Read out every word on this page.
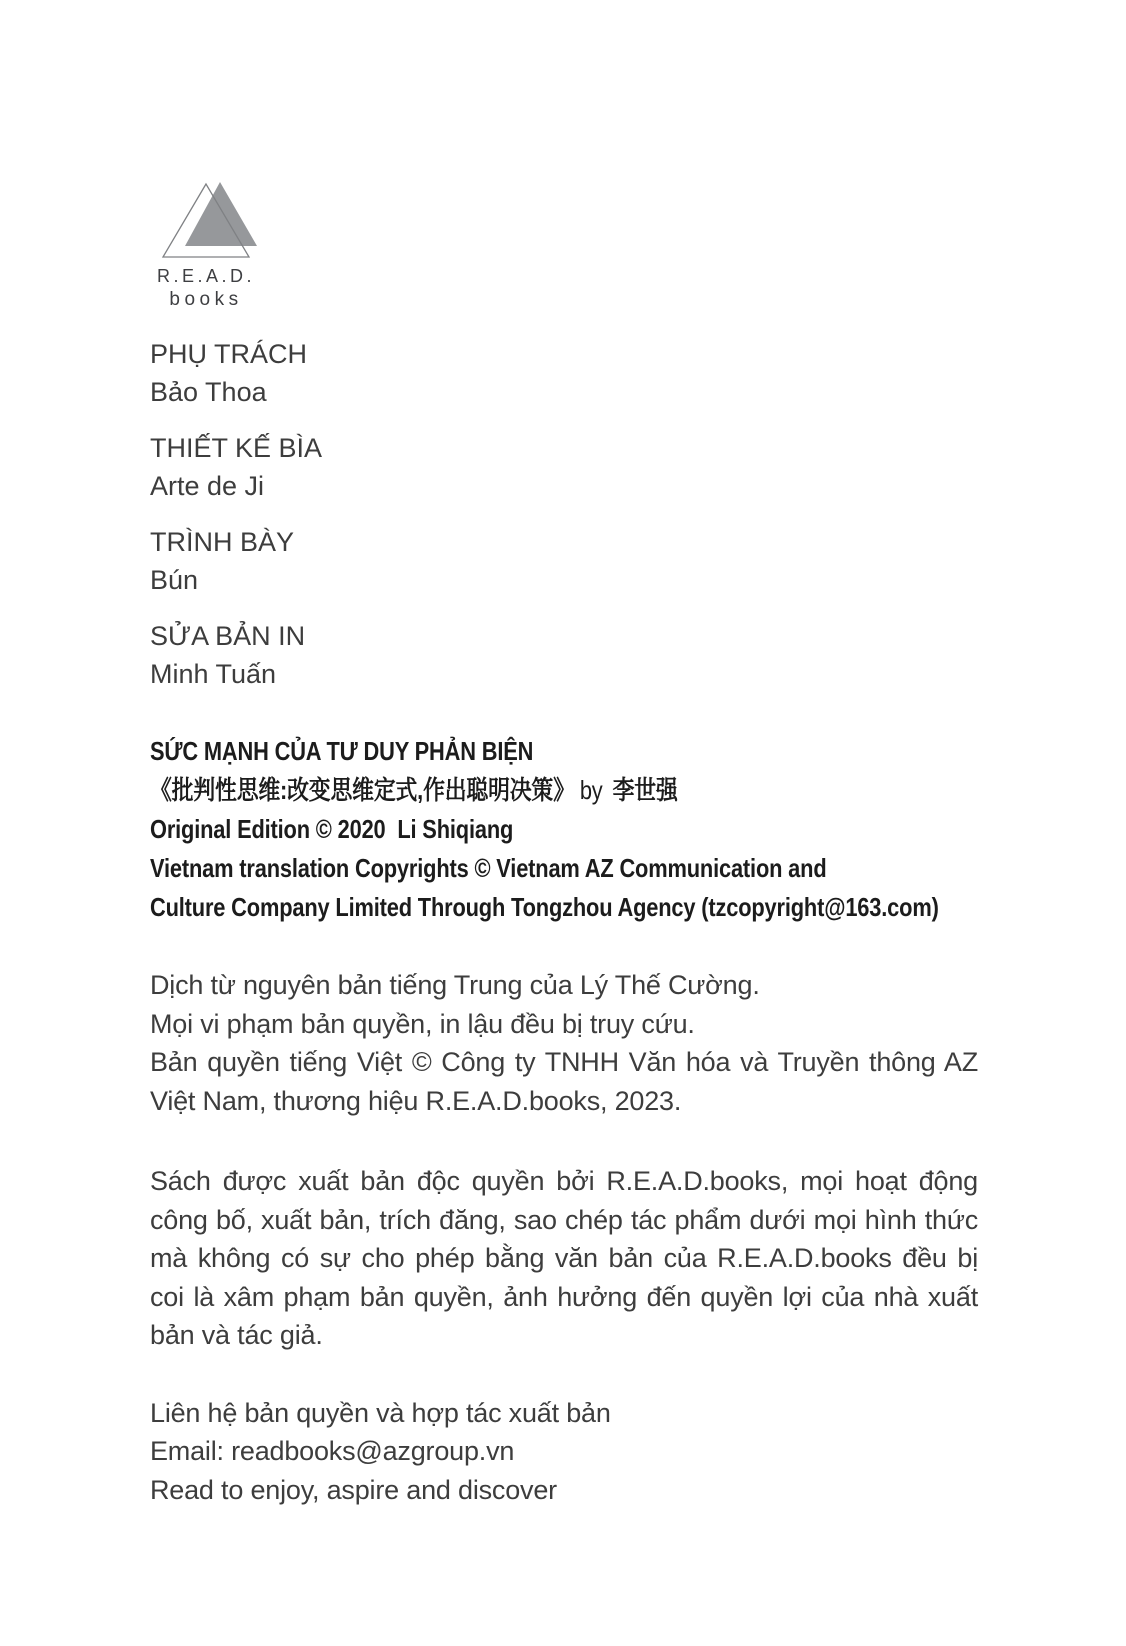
R.E.A.D.
books
PHỤ TRÁCH
Bảo Thoa
THIẾT KẾ BÌA
Arte de Ji
TRÌNH BÀY
Bún
SỬA BẢN IN
Minh Tuấn
SỨC MẠNH CỦA TƯ DUY PHẢN BIỆN
《批判性思维:改变思维定式,作出聪明决策》 by 李世强
Original Edition © 2020  Li Shiqiang
Vietnam translation Copyrights © Vietnam AZ Communication and
Culture Company Limited Through Tongzhou Agency (tzcopyright@163.com)
Dịch từ nguyên bản tiếng Trung của Lý Thế Cường.
Mọi vi phạm bản quyền, in lậu đều bị truy cứu.
Bản quyền tiếng Việt © Công ty TNHH Văn hóa và Truyền thông AZ Việt Nam, thương hiệu R.E.A.D.books, 2023.
Sách được xuất bản độc quyền bởi R.E.A.D.books, mọi hoạt động công bố, xuất bản, trích đăng, sao chép tác phẩm dưới mọi hình thức mà không có sự cho phép bằng văn bản của R.E.A.D.books đều bị coi là xâm phạm bản quyền, ảnh hưởng đến quyền lợi của nhà xuất bản và tác giả.
Liên hệ bản quyền và hợp tác xuất bản
Email: readbooks@azgroup.vn
Read to enjoy, aspire and discover
